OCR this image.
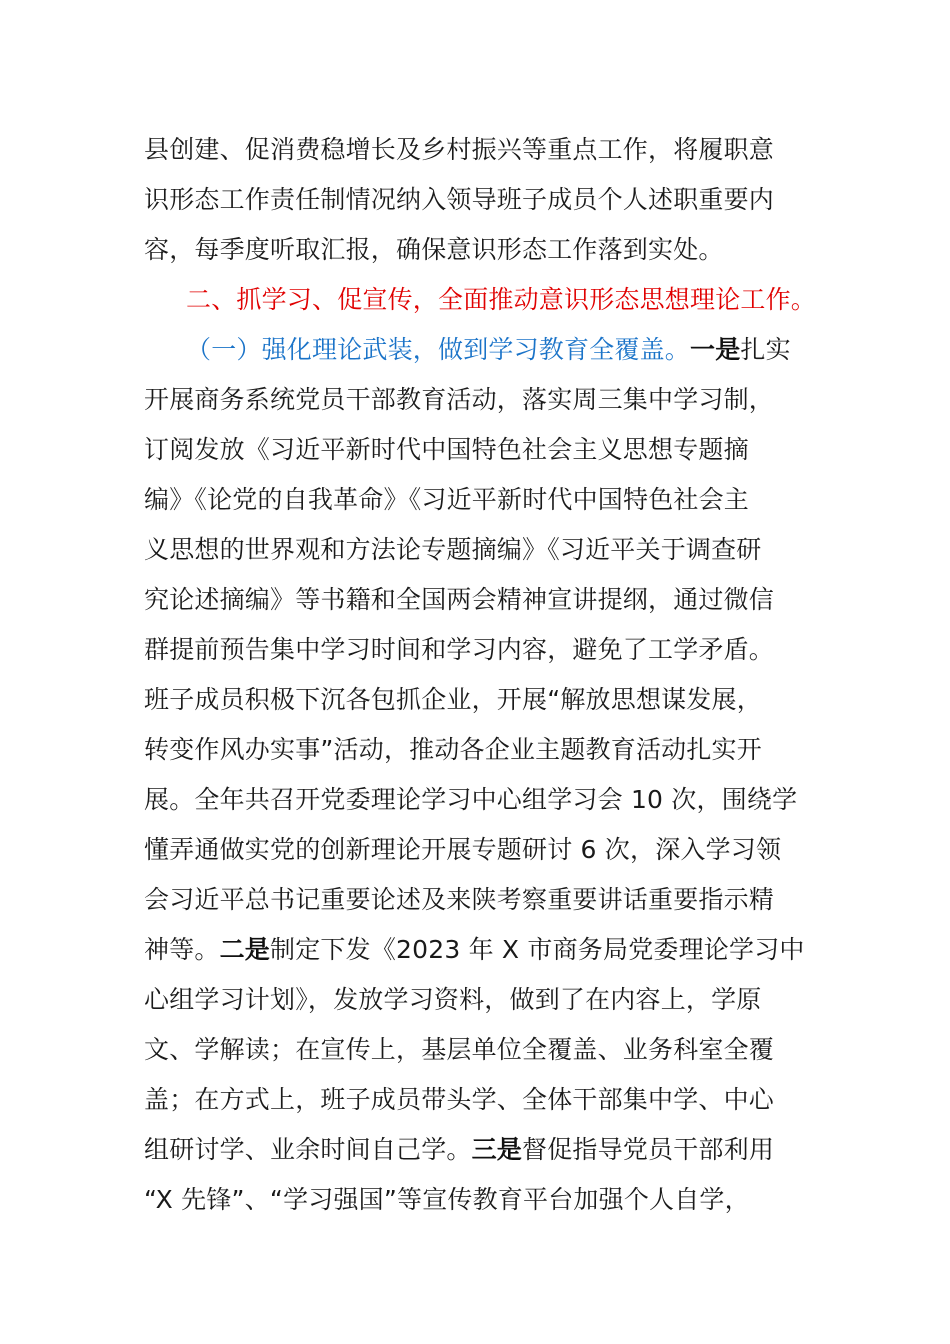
县创建、促消费稳增长及乡村振兴等重点工作，将履职意
识形态工作责任制情况纳入领导班子成员个人述职重要内
容，每季度听取汇报，确保意识形态工作落到实处。
二、抓学习、促宣传，全面推动意识形态思想理论工作。
（一）强化理论武装，做到学习教育全覆盖。一是扎实
开展商务系统党员干部教育活动，落实周三集中学习制，
订阅发放《习近平新时代中国特色社会主义思想专题摘
编》《论党的自我革命》《习近平新时代中国特色社会主
义思想的世界观和方法论专题摘编》《习近平关于调查研
究论述摘编》等书籍和全国两会精神宣讲提纲，通过微信
群提前预告集中学习时间和学习内容，避免了工学矛盾。
班子成员积极下沉各包抓企业，开展“解放思想谋发展，
转变作风办实事”活动，推动各企业主题教育活动扎实开
展。全年共召开党委理论学习中心组学习会 10 次，围绕学
懂弄通做实党的创新理论开展专题研讨 6 次，深入学习领
会习近平总书记重要论述及来陕考察重要讲话重要指示精
神等。二是制定下发《2023 年 X 市商务局党委理论学习中
心组学习计划》，发放学习资料，做到了在内容上，学原
文、学解读；在宣传上，基层单位全覆盖、业务科室全覆
盖；在方式上，班子成员带头学、全体干部集中学、中心
组研讨学、业余时间自己学。三是督促指导党员干部利用
“X 先锋”、“学习强国”等宣传教育平台加强个人自学，
